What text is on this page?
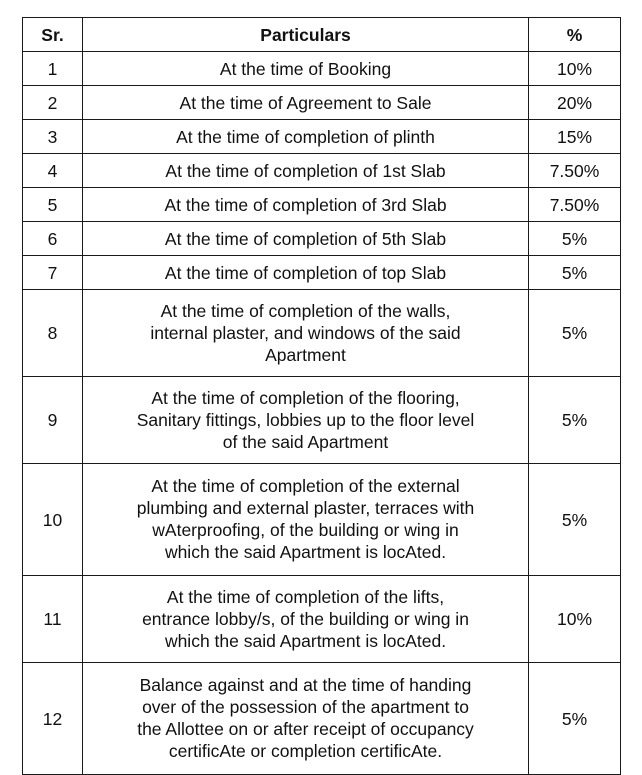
Sr.	Particulars	%
1	At the time of Booking	10%
2	At the time of Agreement to Sale	20%
3	At the time of completion of plinth	15%
4	At the time of completion of 1st Slab	7.50%
5	At the time of completion of 3rd Slab	7.50%
6	At the time of completion of 5th Slab	5%
7	At the time of completion of top Slab	5%
8	At the time of completion of the walls,
internal plaster, and windows of the said
Apartment	5%
9	At the time of completion of the flooring,
Sanitary fittings, lobbies up to the floor level
of the said Apartment	5%
10	At the time of completion of the external
plumbing and external plaster, terraces with
wAterproofing, of the building or wing in
which the said Apartment is locAted.	5%
11	At the time of completion of the lifts,
entrance lobby/s, of the building or wing in
which the said Apartment is locAted.	10%
12	Balance against and at the time of handing
over of the possession of the apartment to
the Allottee on or after receipt of occupancy
certificAte or completion certificAte.	5%
